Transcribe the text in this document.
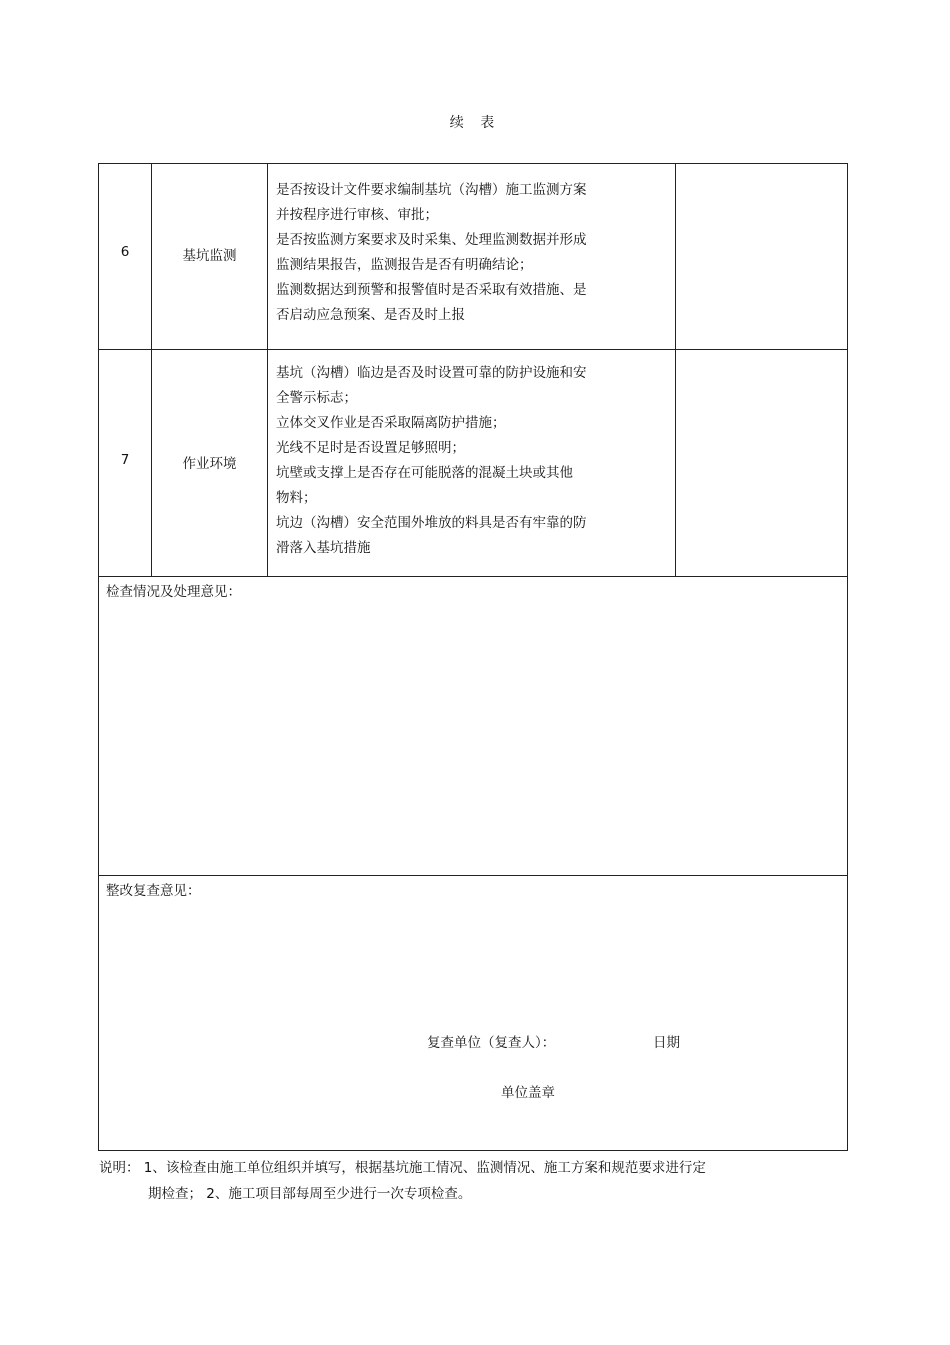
续 表
6	基坑监测
是否按设计文件要求编制基坑（沟槽）施工监测方案
并按程序进行审核、审批；
是否按监测方案要求及时采集、处理监测数据并形成
监测结果报告，监测报告是否有明确结论；
监测数据达到预警和报警值时是否采取有效措施、是
否启动应急预案、是否及时上报
7	作业环境
基坑（沟槽）临边是否及时设置可靠的防护设施和安
全警示标志；
立体交叉作业是否采取隔离防护措施；
光线不足时是否设置足够照明；
坑壁或支撑上是否存在可能脱落的混凝土块或其他
物料；
坑边（沟槽）安全范围外堆放的料具是否有牢靠的防
滑落入基坑措施
检查情况及处理意见：
整改复查意见：
复查单位（复查人）：	日期
单位盖章
说明： 1、该检查由施工单位组织并填写，根据基坑施工情况、监测情况、施工方案和规范要求进行定
期检查； 2、施工项目部每周至少进行一次专项检查。
